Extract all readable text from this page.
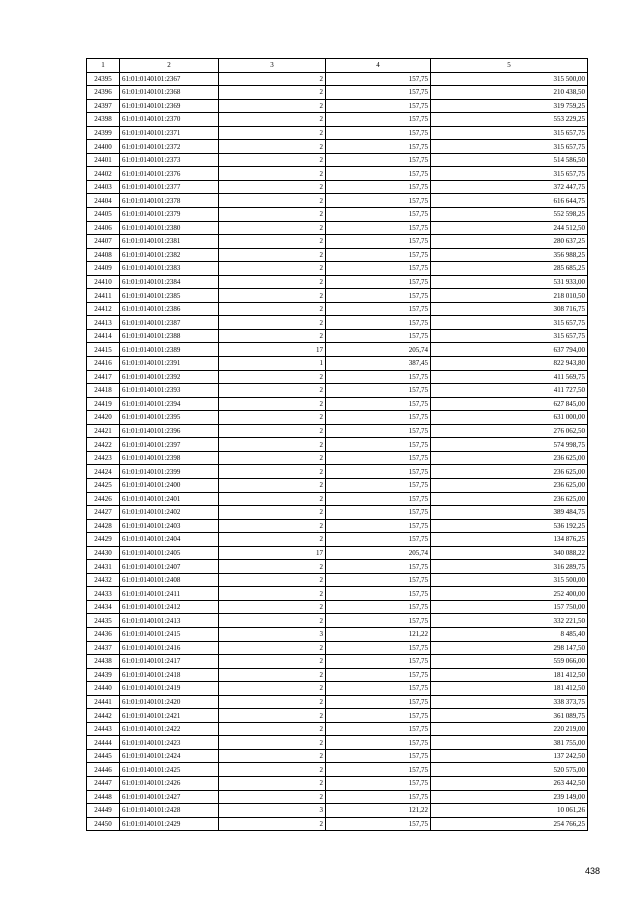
1	2	3	4	5
24395	61:01:0140101:2367	2	157,75	315 500,00
24396	61:01:0140101:2368	2	157,75	210 438,50
24397	61:01:0140101:2369	2	157,75	319 759,25
24398	61:01:0140101:2370	2	157,75	553 229,25
24399	61:01:0140101:2371	2	157,75	315 657,75
24400	61:01:0140101:2372	2	157,75	315 657,75
24401	61:01:0140101:2373	2	157,75	514 586,50
24402	61:01:0140101:2376	2	157,75	315 657,75
24403	61:01:0140101:2377	2	157,75	372 447,75
24404	61:01:0140101:2378	2	157,75	616 644,75
24405	61:01:0140101:2379	2	157,75	552 598,25
24406	61:01:0140101:2380	2	157,75	244 512,50
24407	61:01:0140101:2381	2	157,75	280 637,25
24408	61:01:0140101:2382	2	157,75	356 988,25
24409	61:01:0140101:2383	2	157,75	285 685,25
24410	61:01:0140101:2384	2	157,75	531 933,00
24411	61:01:0140101:2385	2	157,75	218 010,50
24412	61:01:0140101:2386	2	157,75	308 716,75
24413	61:01:0140101:2387	2	157,75	315 657,75
24414	61:01:0140101:2388	2	157,75	315 657,75
24415	61:01:0140101:2389	17	205,74	637 794,00
24416	61:01:0140101:2391	1	387,45	822 943,80
24417	61:01:0140101:2392	2	157,75	411 569,75
24418	61:01:0140101:2393	2	157,75	411 727,50
24419	61:01:0140101:2394	2	157,75	627 845,00
24420	61:01:0140101:2395	2	157,75	631 000,00
24421	61:01:0140101:2396	2	157,75	276 062,50
24422	61:01:0140101:2397	2	157,75	574 998,75
24423	61:01:0140101:2398	2	157,75	236 625,00
24424	61:01:0140101:2399	2	157,75	236 625,00
24425	61:01:0140101:2400	2	157,75	236 625,00
24426	61:01:0140101:2401	2	157,75	236 625,00
24427	61:01:0140101:2402	2	157,75	389 484,75
24428	61:01:0140101:2403	2	157,75	536 192,25
24429	61:01:0140101:2404	2	157,75	134 876,25
24430	61:01:0140101:2405	17	205,74	340 088,22
24431	61:01:0140101:2407	2	157,75	316 289,75
24432	61:01:0140101:2408	2	157,75	315 500,00
24433	61:01:0140101:2411	2	157,75	252 400,00
24434	61:01:0140101:2412	2	157,75	157 750,00
24435	61:01:0140101:2413	2	157,75	332 221,50
24436	61:01:0140101:2415	3	121,22	8 485,40
24437	61:01:0140101:2416	2	157,75	298 147,50
24438	61:01:0140101:2417	2	157,75	559 066,00
24439	61:01:0140101:2418	2	157,75	181 412,50
24440	61:01:0140101:2419	2	157,75	181 412,50
24441	61:01:0140101:2420	2	157,75	338 373,75
24442	61:01:0140101:2421	2	157,75	361 089,75
24443	61:01:0140101:2422	2	157,75	220 219,00
24444	61:01:0140101:2423	2	157,75	381 755,00
24445	61:01:0140101:2424	2	157,75	137 242,50
24446	61:01:0140101:2425	2	157,75	520 575,00
24447	61:01:0140101:2426	2	157,75	263 442,50
24448	61:01:0140101:2427	2	157,75	239 149,00
24449	61:01:0140101:2428	3	121,22	10 061,26
24450	61:01:0140101:2429	2	157,75	254 766,25
438
